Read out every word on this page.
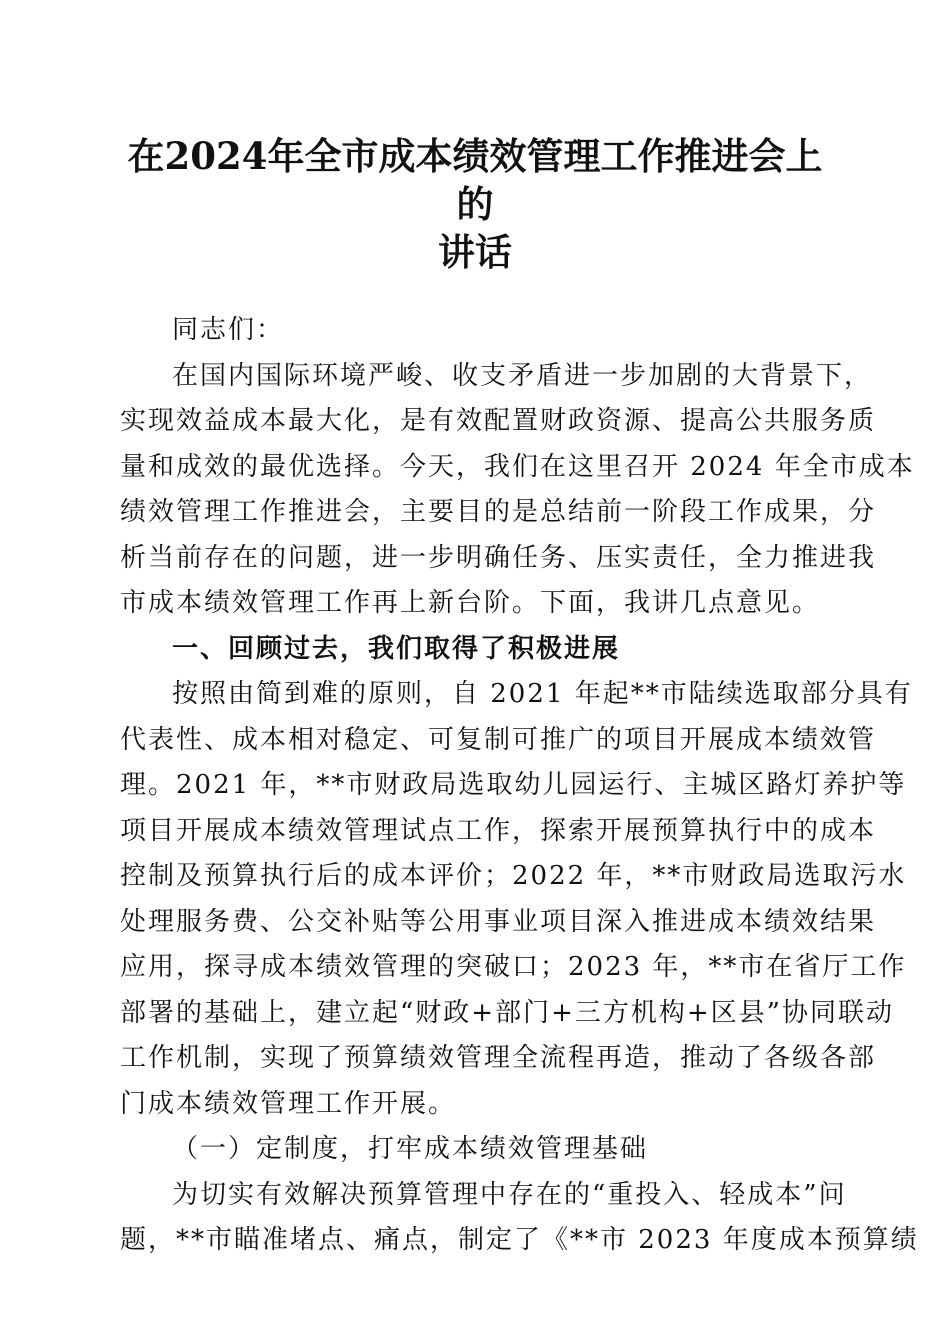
在2024年全市成本绩效管理工作推进会上的
讲话

同志们：

在国内国际环境严峻、收支矛盾进一步加剧的大背景下，

实现效益成本最大化，是有效配置财政资源、提高公共服务质

量和成效的最优选择。今天，我们在这里召开 2024 年全市成本

绩效管理工作推进会，主要目的是总结前一阶段工作成果，分

析当前存在的问题，进一步明确任务、压实责任，全力推进我

市成本绩效管理工作再上新台阶。下面，我讲几点意见。

一、回顾过去，我们取得了积极进展

按照由简到难的原则，自 2021 年起**市陆续选取部分具有

代表性、成本相对稳定、可复制可推广的项目开展成本绩效管

理。2021 年，**市财政局选取幼儿园运行、主城区路灯养护等

项目开展成本绩效管理试点工作，探索开展预算执行中的成本

控制及预算执行后的成本评价；2022 年，**市财政局选取污水

处理服务费、公交补贴等公用事业项目深入推进成本绩效结果

应用，探寻成本绩效管理的突破口；2023 年，**市在省厅工作

部署的基础上，建立起“财政+部门+三方机构+区县”协同联动

工作机制，实现了预算绩效管理全流程再造，推动了各级各部

门成本绩效管理工作开展。

（一）定制度，打牢成本绩效管理基础

为切实有效解决预算管理中存在的“重投入、轻成本”问

题，**市瞄准堵点、痛点，制定了《**市 2023 年度成本预算绩
